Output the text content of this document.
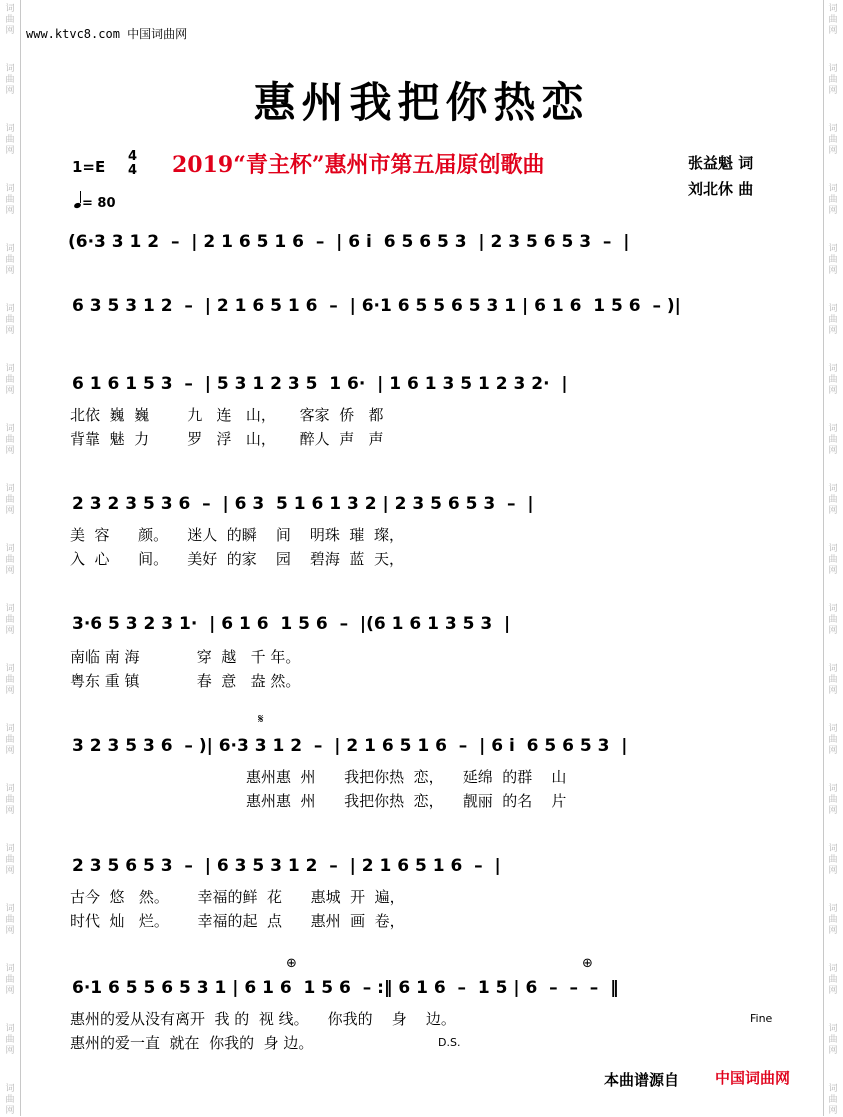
词
曲
网
词
曲
网
词
曲
网
词
曲
网
词
曲
网
词
曲
网
词
曲
网
词
曲
网
词
曲
网
词
曲
网
词
曲
网
词
曲
网
词
曲
网
词
曲
网
词
曲
网
词
曲
网
词
曲
网
词
曲
网
词
曲
网
词
曲
网
词
曲
网
词
曲
网
词
曲
网
词
曲
网
词
曲
网
词
曲
网
词
曲
网
词
曲
网
词
曲
网
词
曲
网
词
曲
网
词
曲
网
词
曲
网
词
曲
网
词
曲
网
词
曲
网
词
曲
网
词
曲
网
www.ktvc8.com 中国词曲网
惠州我把你热恋
1=E
4
4
= 80
2019“青主杯”惠州市第五届原创歌曲	张益魁 词
刘北休 曲
(6·3 3 1 2  –  | 2 1 6 5 1 6  –  | 6 i  6 5 6 5 3  | 2 3 5 6 5 3  –  |
6 3 5 3 1 2  –  | 2 1 6 5 1 6  –  | 6·1 6 5 5 6 5 3 1 | 6 1 6  1 5 6  – )|
6 1 6 1 5 3  –  | 5 3 1 2 3 5  1 6·  | 1 6 1 3 5 1 2 3 2·  |
北依  巍  巍        九   连   山，     客家  侨   都
背靠  魅  力        罗   浮   山，     醉人  声   声
2 3 2 3 5 3 6  –  | 6 3  5 1 6 1 3 2 | 2 3 5 6 5 3  –  |
美  容      颜。    迷人  的瞬    间    明珠  璀  璨，
入  心      间。    美好  的家    园    碧海  蓝  天，
3·6 5 3 2 3 1·  | 6 1 6  1 5 6  –  |(6 1 6 1 3 5 3  |
南临 南 海            穿  越   千 年。
粤东 重 镇            春  意   盎 然。
𝄋
3 2 3 5 3 6  – )| 6·3 3 1 2  –  | 2 1 6 5 1 6  –  | 6 i  6 5 6 5 3  |
惠州惠  州      我把你热  恋，    延绵  的群    山
惠州惠  州      我把你热  恋，    靓丽  的名    片
2 3 5 6 5 3  –  | 6 3 5 3 1 2  –  | 2 1 6 5 1 6  –  |
古今  悠   然。      幸福的鲜  花      惠城  开  遍，
时代  灿   烂。      幸福的起  点      惠州  画  卷，
⊕	⊕
6·1 6 5 5 6 5 3 1 | 6 1 6  1 5 6  – :‖ 6 1 6  –  1 5 | 6  –  –  –  ‖
Fine
惠州的爱从没有离开  我 的  视 线。    你我的    身    边。
惠州的爱一直  就在  你我的  身 边。	D.S.
本曲谱源自 中国词曲网
